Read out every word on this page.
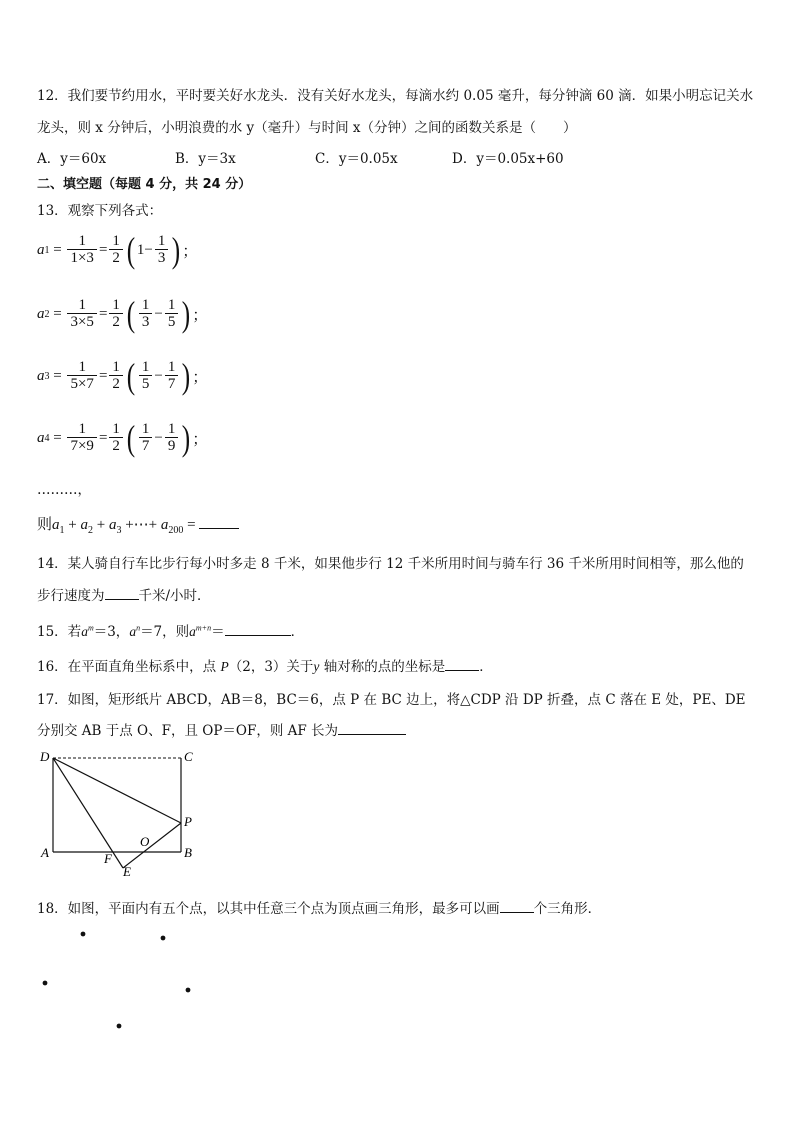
12．我们要节约用水，平时要关好水龙头．没有关好水龙头，每滴水约 0.05 毫升，每分钟滴 60 滴．如果小明忘记关水
龙头，则 x 分钟后，小明浪费的水 y（毫升）与时间 x（分钟）之间的函数关系是（　　）
A．y＝60x	B．y＝3x	C．y＝0.05x	D．y＝0.05x+60
二、填空题（每题 4 分，共 24 分）
13．观察下列各式：
a $1 = \frac{1}{1\times 3} = \frac{1}{2}$ ( $1- \frac{1}{3}$ ) ；
a $2 = \frac{1}{3\times 5} = \frac{1}{2}$ ( $\frac{1}{3} - \frac{1}{5}$ ) ；
a $3 = \frac{1}{5\times 7} = \frac{1}{2}$ ( $\frac{1}{5} - \frac{1}{7}$ ) ；
a $4 = \frac{1}{7\times 9} = \frac{1}{2}$ ( $\frac{1}{7} - \frac{1}{9}$ ) ；
………，
则$a_1 + a_2 + a_3$ +⋯+ $a_{200}$ =
14．某人骑自行车比步行每小时多走 8 千米，如果他步行 12 千米所用时间与骑车行 36 千米所用时间相等，那么他的
步行速度为	千米/小时．
15．若$a^m=3$，$a^n=7$，则$a^{m+n}=$	．
16．在平面直角坐标系中，点 P（2，3）关于y 轴对称的点的坐标是	．
17．如图，矩形纸片 ABCD，AB＝8，BC＝6，点 P 在 BC 边上，将△CDP 沿 DP 折叠，点 C 落在 E 处，PE、DE
分别交 AB 于点 O、F，且 OP＝OF，则 AF 长为
D	C
A	B
P
O
F
E
18．如图，平面内有五个点，以其中任意三个点为顶点画三角形，最多可以画	个三角形．
